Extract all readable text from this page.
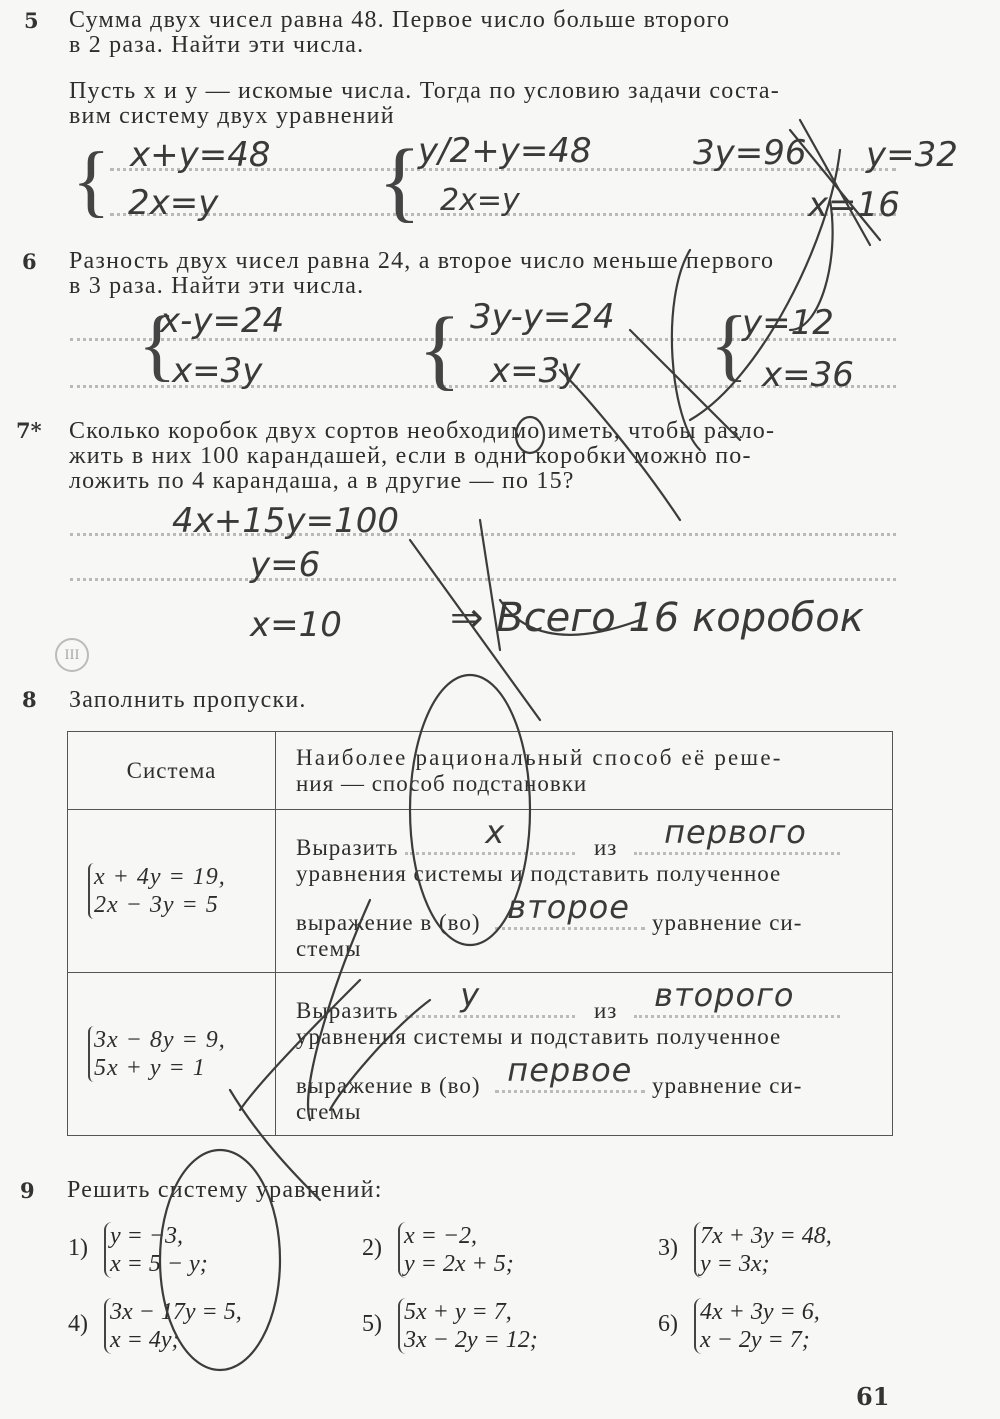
5 Сумма двух чисел равна 48. Первое число больше второго
в 2 раза. Найти эти числа.
Пусть x и y — искомые числа. Тогда по условию задачи соста-
вим систему двух уравнений
{ x+y=48
2x=y {
y/2+y=48
2x=y
3y=96 y=32
x=16
6 Разность двух чисел равна 24, а второе число меньше первого
в 3 раза. Найти эти числа.
{
x-y=24
x=3y { 3y-y=24
x=3y {
y=12
x=36
7* Сколько коробок двух сортов необходимо иметь, чтобы разло-
жить в них 100 карандашей, если в одни коробки можно по-
ложить по 4 карандаша, а в другие — по 15?
4x+15y=100
y=6
x=10	⇒ Всего 16 коробок
III
8 Заполнить пропуски.
Система	Наиболее рациональный способ её реше-
ния — способ подстановки

x + 4y = 19,
2x − 3y = 5

Выразить	x	из первого
уравнения системы и подставить полученное
выражение в (во) второе уравнение си-
стемы

3x − 8y = 9,
5x + y = 1

Выразить y	из второго
уравнения системы и подставить полученное
выражение в (во) первое уравнение си-
стемы
9 Решить систему уравнений:
1) y = −3,
x = 5 − y;
2) x = −2,
y = 2x + 5;
3) 7x + 3y = 48,
y = 3x;
4) 3x − 17y = 5,
x = 4y;
5) 5x + y = 7,
3x − 2y = 12;
6) 4x + 3y = 6,
x − 2y = 7;
61
